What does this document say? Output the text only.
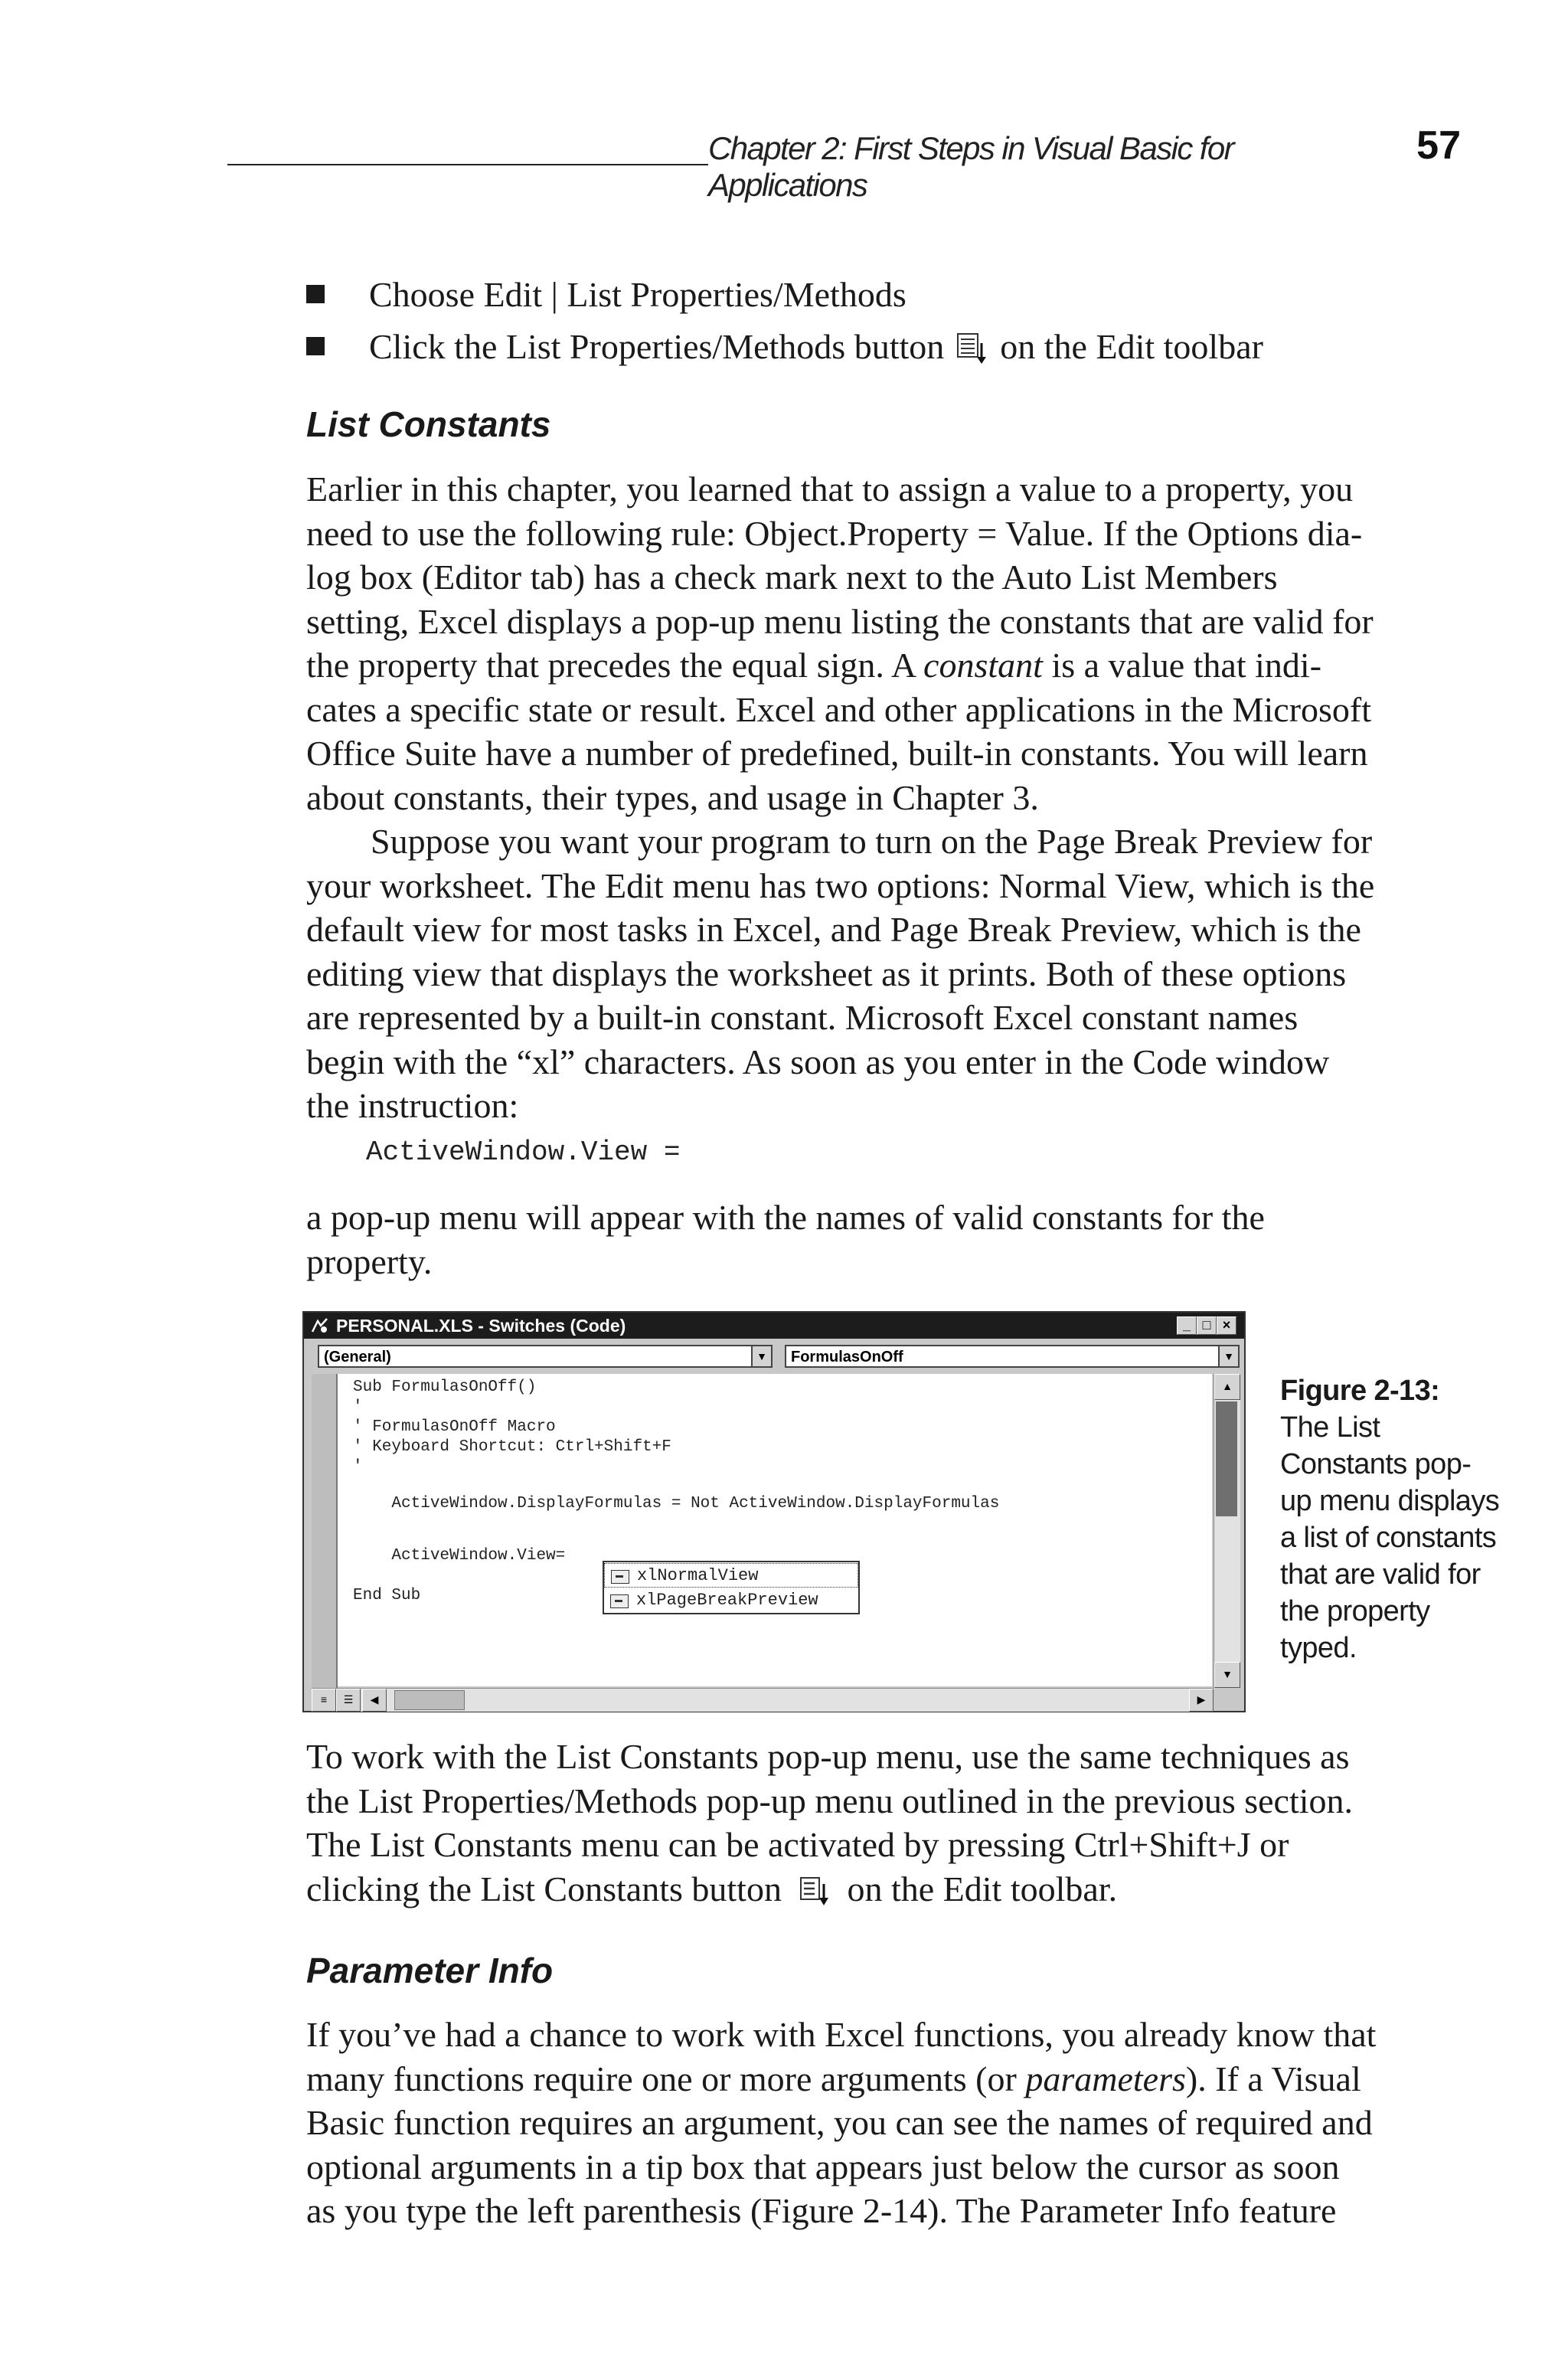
Chapter 2: First Steps in Visual Basic for Applications
57
Choose Edit | List Properties/Methods
Click the List Properties/Methods button on the Edit toolbar
List Constants
Earlier in this chapter, you learned that to assign a value to a property, you
need to use the following rule: Object.Property = Value. If the Options dia-
log box (Editor tab) has a check mark next to the Auto List Members
setting, Excel displays a pop-up menu listing the constants that are valid for
the property that precedes the equal sign. A constant is a value that indi-
cates a specific state or result. Excel and other applications in the Microsoft
Office Suite have a number of predefined, built-in constants. You will learn
about constants, their types, and usage in Chapter 3.
Suppose you want your program to turn on the Page Break Preview for
your worksheet. The Edit menu has two options: Normal View, which is the
default view for most tasks in Excel, and Page Break Preview, which is the
editing view that displays the worksheet as it prints. Both of these options
are represented by a built-in constant. Microsoft Excel constant names
begin with the “xl” characters. As soon as you enter in the Code window
the instruction:
ActiveWindow.View =
a pop-up menu will appear with the names of valid constants for the
property.
PERSONAL.XLS - Switches (Code)	_ □ ×
(General)	▼	FormulasOnOff	▼
Sub FormulasOnOff()
'
' FormulasOnOff Macro
' Keyboard Shortcut: Ctrl+Shift+F
'
ActiveWindow.DisplayFormulas = Not ActiveWindow.DisplayFormulas
ActiveWindow.View=
End Sub
xlNormalView
xlPageBreakPreview
▲
▼
≡	☰	◀	▶
Figure 2-13:
The List Constants pop-up menu displays a list of constants that are valid for the property typed.
To work with the List Constants pop-up menu, use the same techniques as
the List Properties/Methods pop-up menu outlined in the previous section.
The List Constants menu can be activated by pressing Ctrl+Shift+J or
clicking the List Constants button on the Edit toolbar.
Parameter Info
If you’ve had a chance to work with Excel functions, you already know that
many functions require one or more arguments (or parameters). If a Visual
Basic function requires an argument, you can see the names of required and
optional arguments in a tip box that appears just below the cursor as soon
as you type the left parenthesis (Figure 2-14). The Parameter Info feature
